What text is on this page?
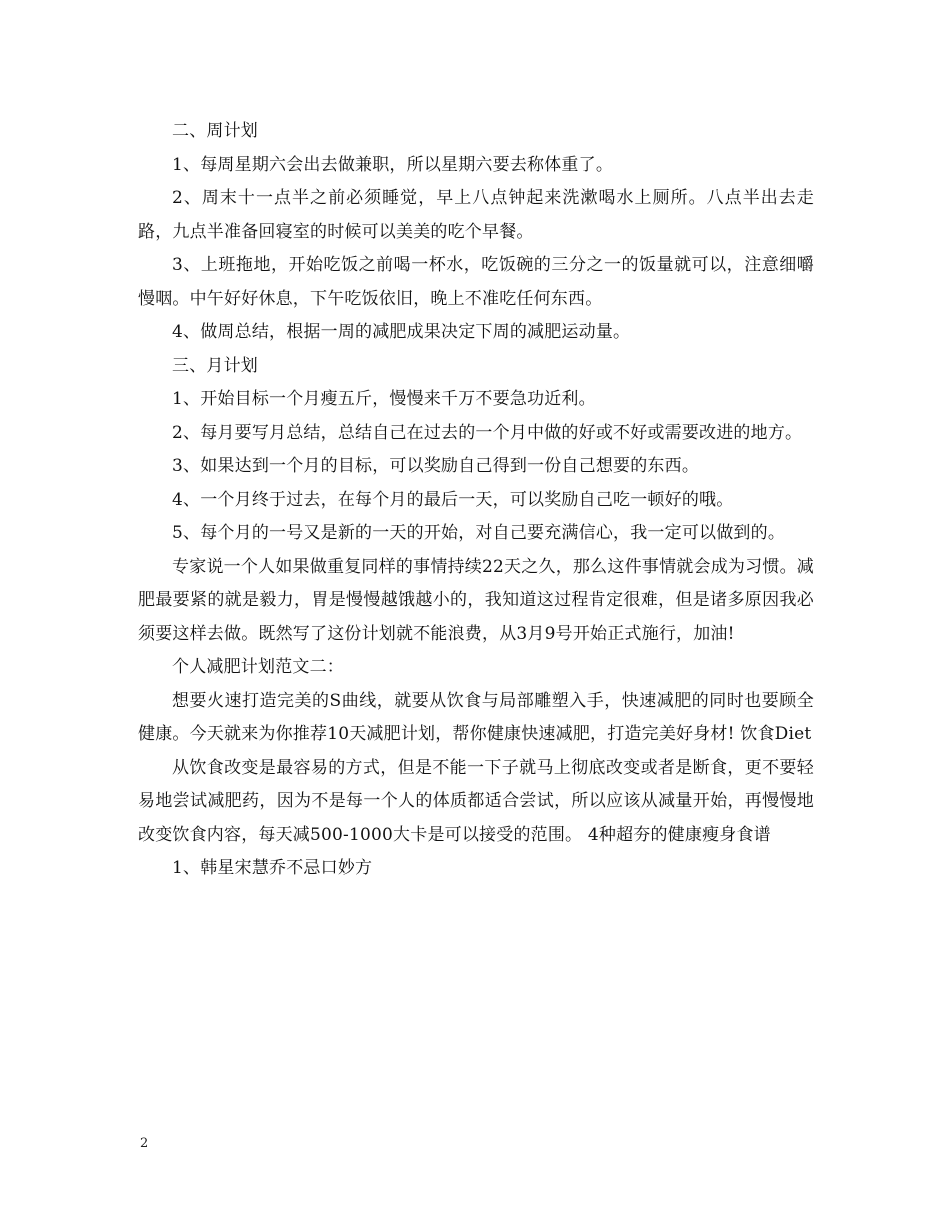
二、周计划

1、每周星期六会出去做兼职，所以星期六要去称体重了。

2、周末十一点半之前必须睡觉，早上八点钟起来洗漱喝水上厕所。八点半出去走路，九点半准备回寝室的时候可以美美的吃个早餐。

3、上班拖地，开始吃饭之前喝一杯水，吃饭碗的三分之一的饭量就可以，注意细嚼慢咽。中午好好休息，下午吃饭依旧，晚上不准吃任何东西。

4、做周总结，根据一周的减肥成果决定下周的减肥运动量。

三、月计划

1、开始目标一个月瘦五斤，慢慢来千万不要急功近利。

2、每月要写月总结，总结自己在过去的一个月中做的好或不好或需要改进的地方。

3、如果达到一个月的目标，可以奖励自己得到一份自己想要的东西。

4、一个月终于过去，在每个月的最后一天，可以奖励自己吃一顿好的哦。

5、每个月的一号又是新的一天的开始，对自己要充满信心，我一定可以做到的。

专家说一个人如果做重复同样的事情持续22天之久，那么这件事情就会成为习惯。减肥最要紧的就是毅力，胃是慢慢越饿越小的，我知道这过程肯定很难，但是诸多原因我必须要这样去做。既然写了这份计划就不能浪费，从3月9号开始正式施行，加油!

个人减肥计划范文二：

想要火速打造完美的S曲线，就要从饮食与局部雕塑入手，快速减肥的同时也要顾全健康。今天就来为你推荐10天减肥计划，帮你健康快速减肥，打造完美好身材! 饮食Diet

从饮食改变是最容易的方式，但是不能一下子就马上彻底改变或者是断食，更不要轻易地尝试减肥药，因为不是每一个人的体质都适合尝试，所以应该从减量开始，再慢慢地改变饮食内容，每天减500-1000大卡是可以接受的范围。 4种超夯的健康瘦身食谱

1、韩星宋慧乔不忌口妙方

2
